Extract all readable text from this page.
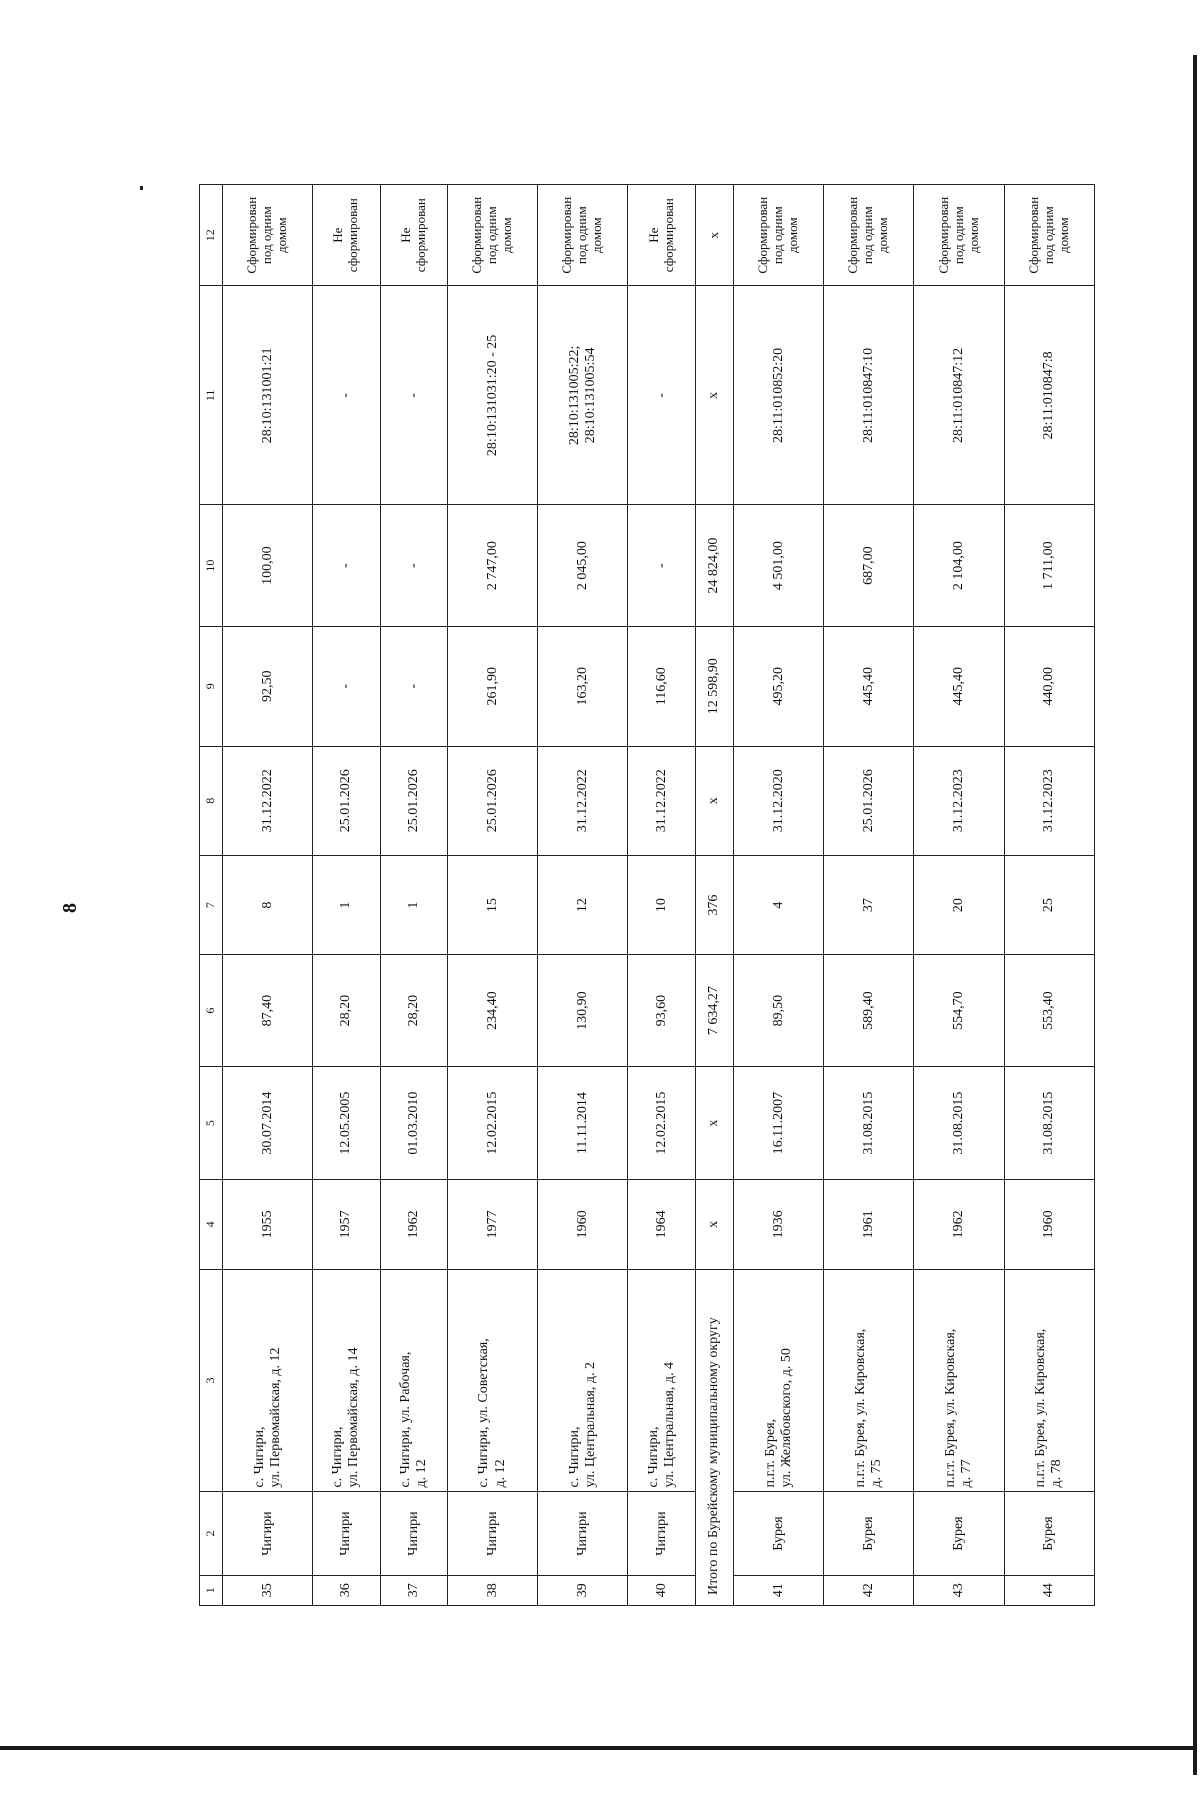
8
1	2	3	4	5	6	7	8	9	10	11	12
35	Чигири	с. Чигири,
ул. Первомайская, д. 12	1955	30.07.2014	87,40	8	31.12.2022	92,50	100,00	28:10:131001:21	Сформирован
под одним
домом
36	Чигири	с. Чигири,
ул. Первомайская, д. 14	1957	12.05.2005	28,20	1	25.01.2026	-	-	-	Не
сформирован

37	Чигири	с. Чигири, ул. Рабочая,
д. 12	1962	01.03.2010	28,20	1	25.01.2026	-	-	-	Не
сформирован

38	Чигири	с. Чигири, ул. Советская,
д. 12	1977	12.02.2015	234,40	15	25.01.2026	261,90	2 747,00	28:10:131031:20 - 25	Сформирован
под одним
домом
39	Чигири	с. Чигири,
ул. Центральная, д. 2	1960	11.11.2014	130,90	12	31.12.2022	163,20	2 045,00	28:10:131005:22;
28:10:131005:54	Сформирован
под одним
домом
40	Чигири	с. Чигири,
ул. Центральная, д. 4	1964	12.02.2015	93,60	10	31.12.2022	116,60	-	-	Не
сформирован

Итого по Бурейскому муниципальному округу			x	x	7 634,27	376	x	12 598,90	24 824,00	x	x
41	Бурея	п.г.т. Бурея,
ул. Желябовского, д. 50	1936	16.11.2007	89,50	4	31.12.2020	495,20	4 501,00	28:11:010852:20	Сформирован
под одним
домом
42	Бурея	п.г.т. Бурея, ул. Кировская,
д. 75	1961	31.08.2015	589,40	37	25.01.2026	445,40	687,00	28:11:010847:10	Сформирован
под одним
домом
43	Бурея	п.г.т. Бурея, ул. Кировская,
д. 77	1962	31.08.2015	554,70	20	31.12.2023	445,40	2 104,00	28:11:010847:12	Сформирован
под одним
домом
44	Бурея	п.г.т. Бурея, ул. Кировская,
д. 78	1960	31.08.2015	553,40	25	31.12.2023	440,00	1 711,00	28:11:010847:8	Сформирован
под одним
домом
